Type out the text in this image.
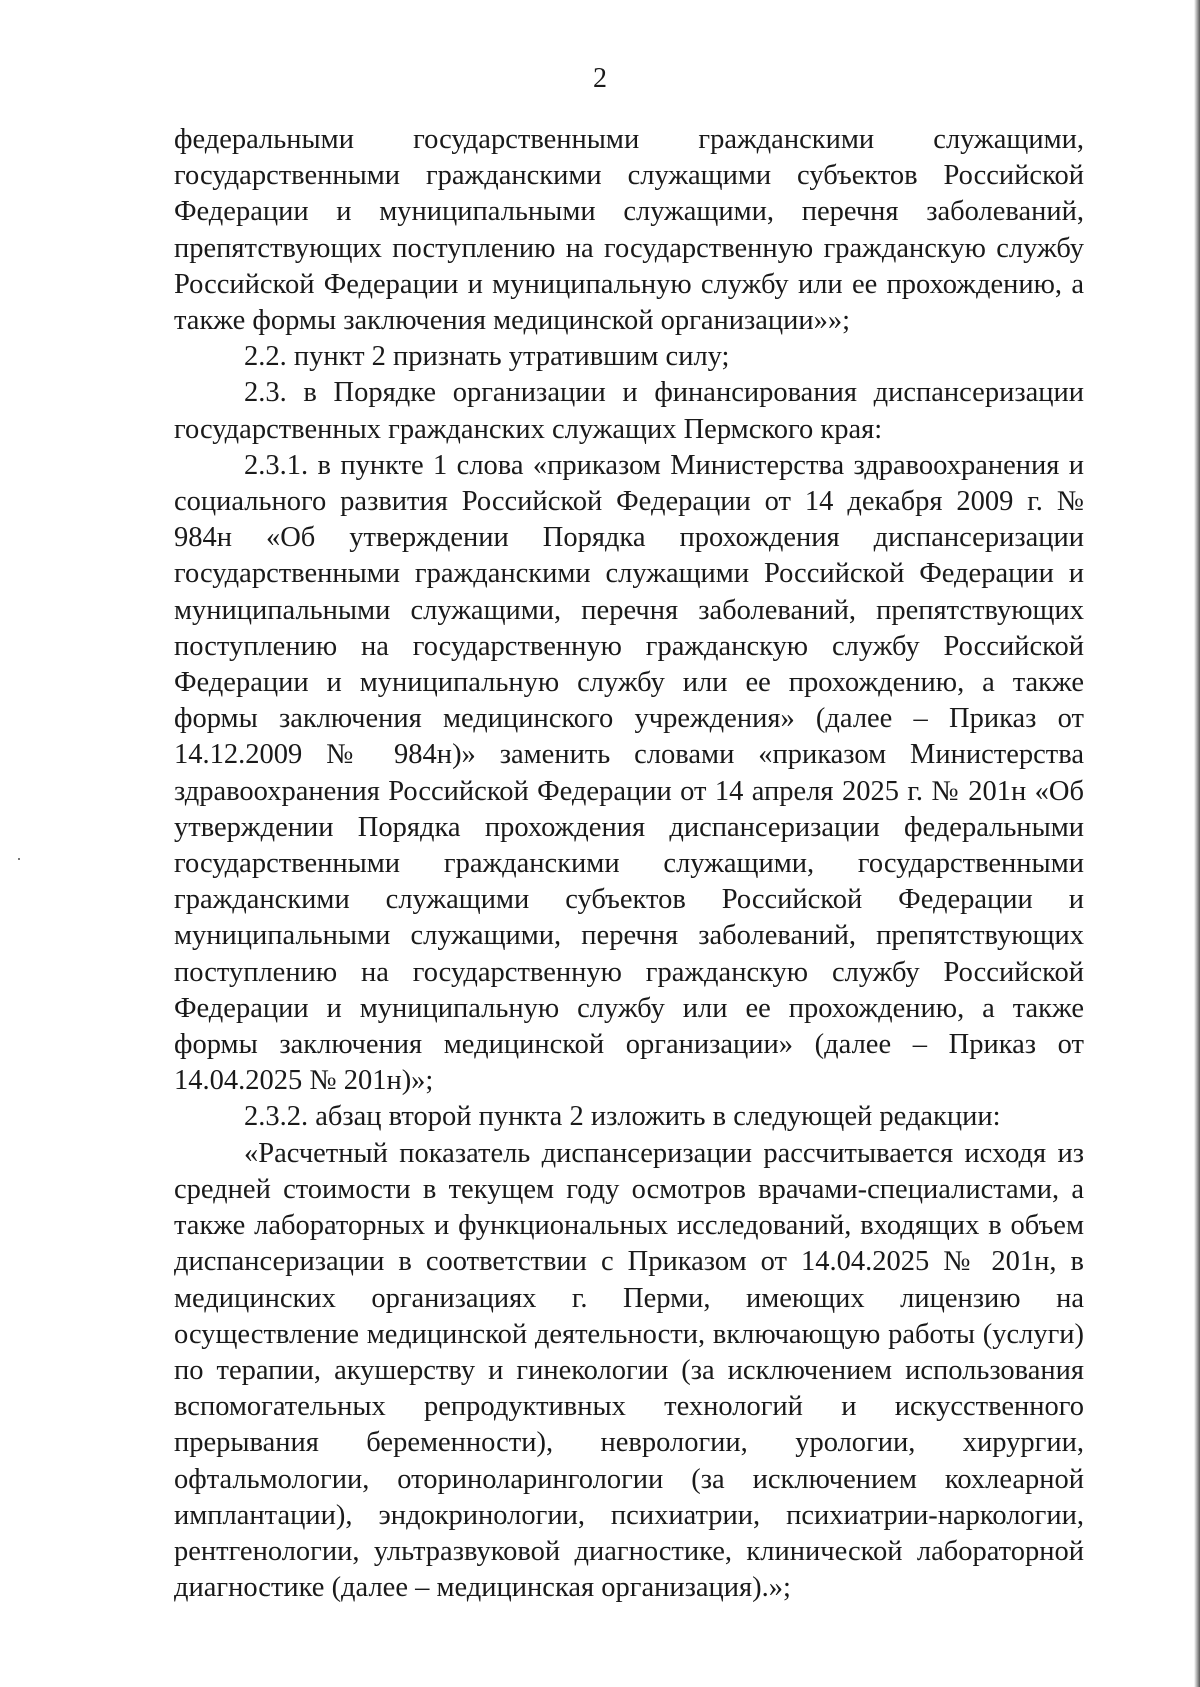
2

федеральными государственными гражданскими служащими, государственными гражданскими служащими субъектов Российской Федерации и муниципальными служащими, перечня заболеваний, препятствующих поступлению на государственную гражданскую службу Российской Федерации и муниципальную службу или ее прохождению, а также формы заключения медицинской организации»»;

2.2. пункт 2 признать утратившим силу;

2.3. в Порядке организации и финансирования диспансеризации государственных гражданских служащих Пермского края:

2.3.1. в пункте 1 слова «приказом Министерства здравоохранения и социального развития Российской Федерации от 14 декабря 2009 г. № 984н «Об утверждении Порядка прохождения диспансеризации государственными гражданскими служащими Российской Федерации и муниципальными служащими, перечня заболеваний, препятствующих поступлению на государственную гражданскую службу Российской Федерации и муниципальную службу или ее прохождению, а также формы заключения медицинского учреждения» (далее – Приказ от 14.12.2009 № 984н)» заменить словами «приказом Министерства здравоохранения Российской Федерации от 14 апреля 2025 г. № 201н «Об утверждении Порядка прохождения диспансеризации федеральными государственными гражданскими служащими, государственными гражданскими служащими субъектов Российской Федерации и муниципальными служащими, перечня заболеваний, препятствующих поступлению на государственную гражданскую службу Российской Федерации и муниципальную службу или ее прохождению, а также формы заключения медицинской организации» (далее – Приказ от 14.04.2025 № 201н)»;

2.3.2. абзац второй пункта 2 изложить в следующей редакции:

«Расчетный показатель диспансеризации рассчитывается исходя из средней стоимости в текущем году осмотров врачами-специалистами, а также лабораторных и функциональных исследований, входящих в объем диспансеризации в соответствии с Приказом от 14.04.2025 № 201н, в медицинских организациях г. Перми, имеющих лицензию на осуществление медицинской деятельности, включающую работы (услуги) по терапии, акушерству и гинекологии (за исключением использования вспомогательных репродуктивных технологий и искусственного прерывания беременности), неврологии, урологии, хирургии, офтальмологии, оториноларингологии (за исключением кохлеарной имплантации), эндокринологии, психиатрии, психиатрии-наркологии, рентгенологии, ультразвуковой диагностике, клинической лабораторной диагностике (далее – медицинская организация).»;
